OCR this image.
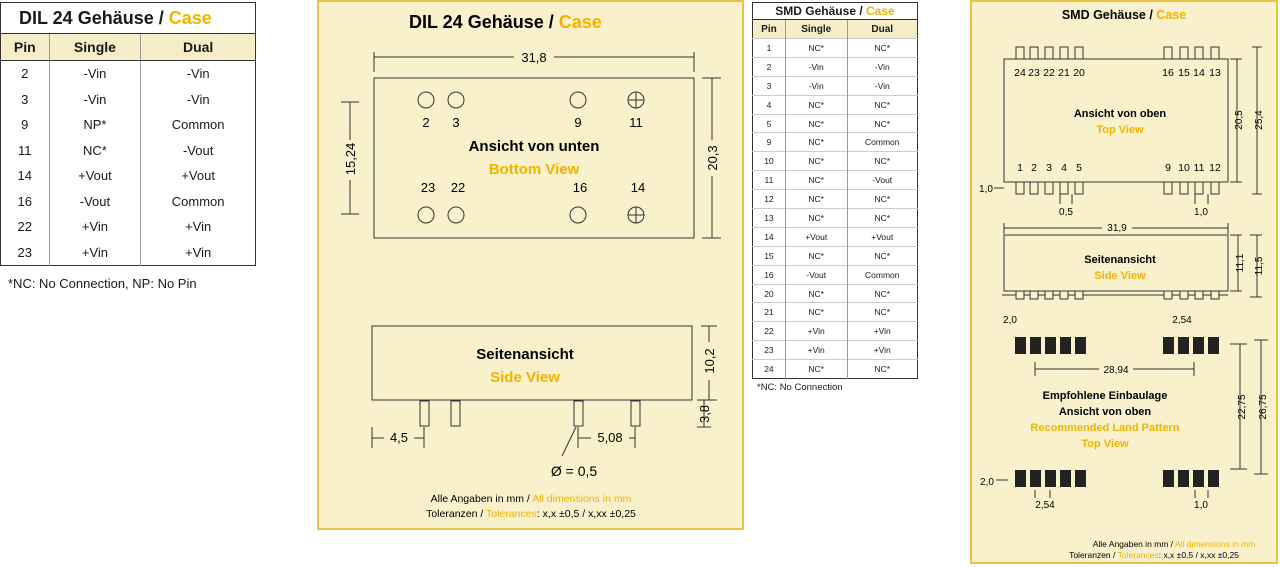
DIL 24 Gehäuse / Case		
Pin	Single	Dual
2	-Vin	-Vin
3	-Vin	-Vin
9	NP*	Common
11	NC*	-Vout
14	+Vout	+Vout
16	-Vout	Common
22	+Vin	+Vin
23	+Vin	+Vin
*NC: No Connection, NP: No Pin
DIL 24 Gehäuse / Case
31,8
15,24	20,3
2 3	9	11
Ansicht von unten
Bottom View
23 22	16	14
Seitenansicht
Side View
10,2
3,8
4,5	5,08
Ø = 0,5
Alle Angaben in mm / All dimensions in mm
Toleranzen / Tolerances: x,x ±0,5 / x,xx ±0,25
SMD Gehäuse / Case		
Pin	Single	Dual
1	NC*	NC*
2	-Vin	-Vin
3	-Vin	-Vin
4	NC*	NC*
5	NC*	NC*
9	NC*	Common
10	NC*	NC*
11	NC*	-Vout
12	NC*	NC*
13	NC*	NC*
14	+Vout	+Vout
15	NC*	NC*
16	-Vout	Common
20	NC*	NC*
21	NC*	NC*
22	+Vin	+Vin
23	+Vin	+Vin
24	NC*	NC*
*NC: No Connection
SMD Gehäuse / Case
24
1
23
2
22
3
21
4
20
5
16
9
15
10
14
11
13
12
Ansicht von oben
Top View
20,5 25,4
1,0
0,5	1,0
31,9
Seitenansicht
Side View
11,1 11,5
2,0	2,54
28,94
Empfohlene Einbaulage
Ansicht von oben
Recommended Land Pattern
Top View
22,75 26,75
2,0
2,54	1,0
Alle Angaben in mm / All dimensions in mm
Toleranzen / Tolerances: x,x ±0,5 / x,xx ±0,25
